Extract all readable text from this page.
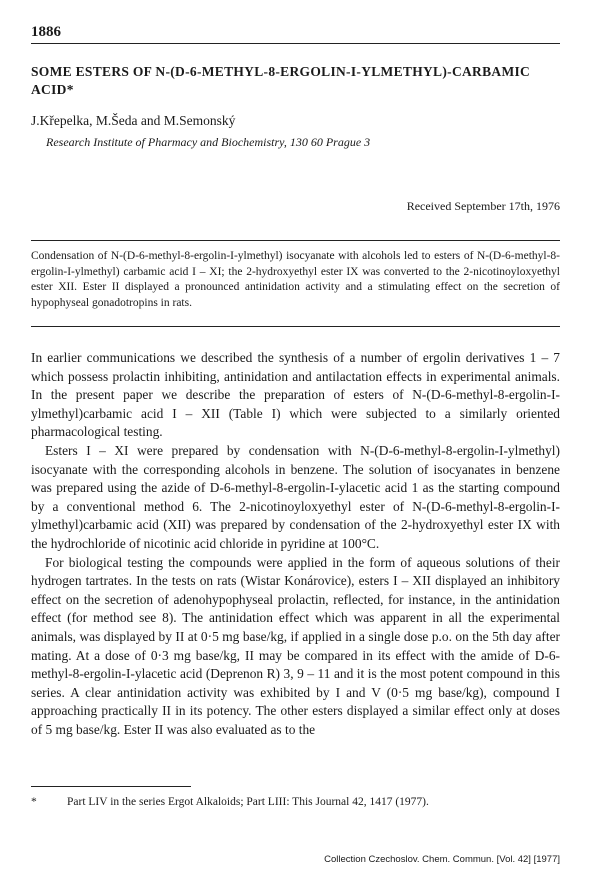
1886
SOME ESTERS OF N-(D-6-METHYL-8-ERGOLIN-I-YLMETHYL)-CARBAMIC ACID*
J.Křepelka, M.Šeda and M.Semonský
Research Institute of Pharmacy and Biochemistry, 130 60 Prague 3
Received September 17th, 1976
Condensation of N-(D-6-methyl-8-ergolin-I-ylmethyl) isocyanate with alcohols led to esters of N-(D-6-methyl-8-ergolin-I-ylmethyl) carbamic acid I – XI; the 2-hydroxyethyl ester IX was converted to the 2-nicotinoyloxyethyl ester XII. Ester II displayed a pronounced antinidation activity and a stimulating effect on the secretion of hypophyseal gonadotropins in rats.

In earlier communications we described the synthesis of a number of ergolin derivatives 1 – 7 which possess prolactin inhibiting, antinidation and antilactation effects in experimental animals. In the present paper we describe the preparation of esters of N-(D-6-methyl-8-ergolin-I-ylmethyl)carbamic acid I – XII (Table I) which were subjected to a similarly oriented pharmacological testing.

Esters I – XI were prepared by condensation with N-(D-6-methyl-8-ergolin-I-ylmethyl) isocyanate with the corresponding alcohols in benzene. The solution of isocyanates in benzene was prepared using the azide of D-6-methyl-8-ergolin-I-ylacetic acid 1 as the starting compound by a conventional method 6. The 2-nicotinoyloxyethyl ester of N-(D-6-methyl-8-ergolin-I-ylmethyl)carbamic acid (XII) was prepared by condensation of the 2-hydroxyethyl ester IX with the hydrochloride of nicotinic acid chloride in pyridine at 100°C.

For biological testing the compounds were applied in the form of aqueous solutions of their hydrogen tartrates. In the tests on rats (Wistar Konárovice), esters I – XII displayed an inhibitory effect on the secretion of adenohypophyseal prolactin, reflected, for instance, in the antinidation effect (for method see 8). The antinidation effect which was apparent in all the experimental animals, was displayed by II at 0·5 mg base/kg, if applied in a single dose p.o. on the 5th day after mating. At a dose of 0·3 mg base/kg, II may be compared in its effect with the amide of D-6-methyl-8-ergolin-I-ylacetic acid (Deprenon R) 3, 9 – 11 and it is the most potent compound in this series. A clear antinidation activity was exhibited by I and V (0·5 mg base/kg), compound I approaching practically II in its potency. The other esters displayed a similar effect only at doses of 5 mg base/kg. Ester II was also evaluated as to the

*	Part LIV in the series Ergot Alkaloids; Part LIII: This Journal 42, 1417 (1977).
Collection Czechoslov. Chem. Commun. [Vol. 42] [1977]
